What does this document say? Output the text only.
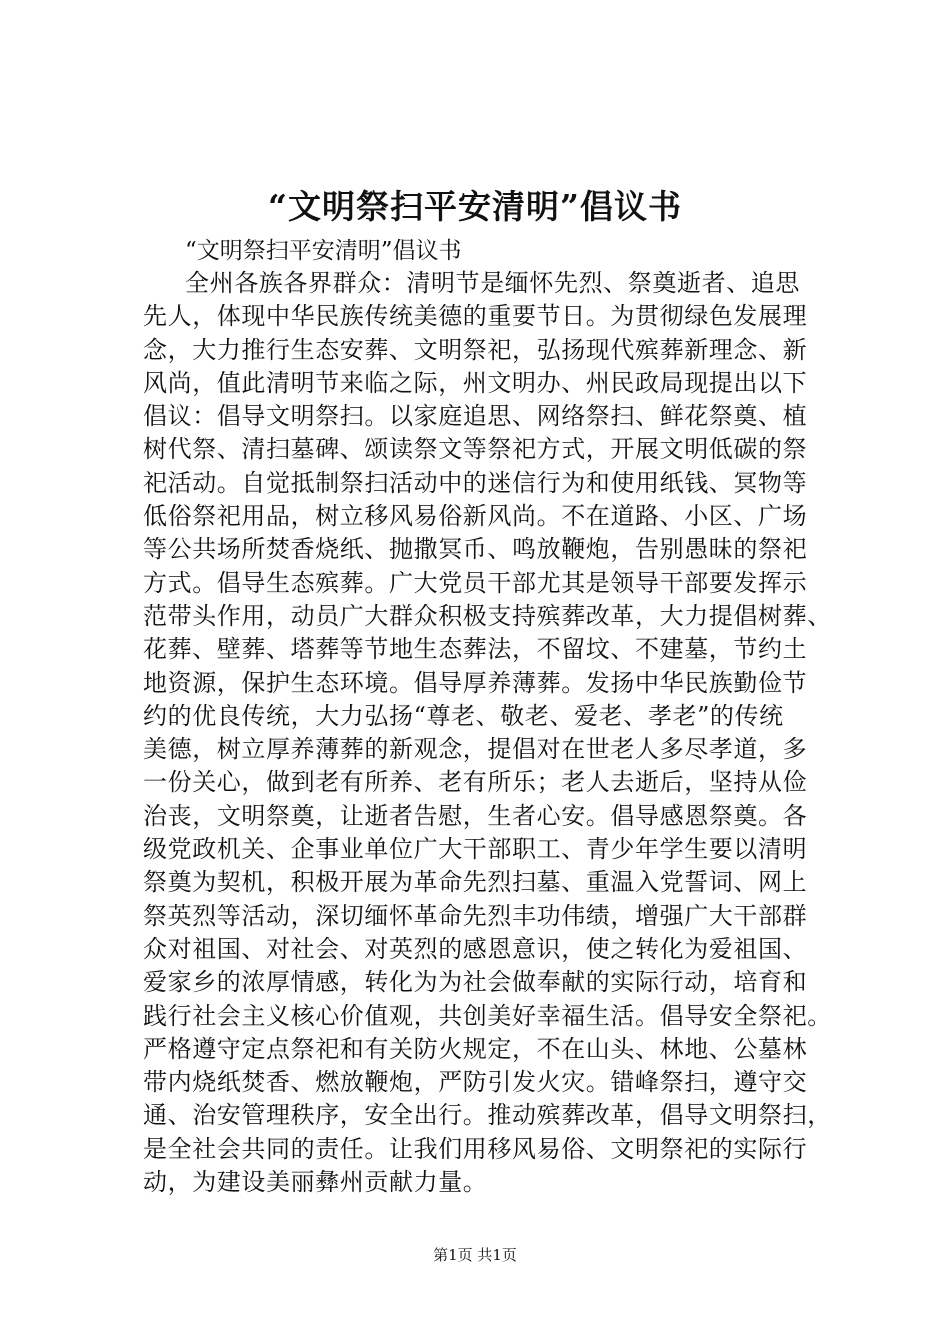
“文明祭扫平安清明”倡议书

“文明祭扫平安清明”倡议书

全州各族各界群众：清明节是缅怀先烈、祭奠逝者、追思
先人，体现中华民族传统美德的重要节日。为贯彻绿色发展理
念，大力推行生态安葬、文明祭祀，弘扬现代殡葬新理念、新
风尚，值此清明节来临之际，州文明办、州民政局现提出以下
倡议：倡导文明祭扫。以家庭追思、网络祭扫、鲜花祭奠、植
树代祭、清扫墓碑、颂读祭文等祭祀方式，开展文明低碳的祭
祀活动。自觉抵制祭扫活动中的迷信行为和使用纸钱、冥物等
低俗祭祀用品，树立移风易俗新风尚。不在道路、小区、广场
等公共场所焚香烧纸、抛撒冥币、鸣放鞭炮，告别愚昧的祭祀
方式。倡导生态殡葬。广大党员干部尤其是领导干部要发挥示
范带头作用，动员广大群众积极支持殡葬改革，大力提倡树葬、
花葬、壁葬、塔葬等节地生态葬法，不留坟、不建墓，节约土
地资源，保护生态环境。倡导厚养薄葬。发扬中华民族勤俭节
约的优良传统，大力弘扬“尊老、敬老、爱老、孝老”的传统
美德，树立厚养薄葬的新观念，提倡对在世老人多尽孝道，多
一份关心，做到老有所养、老有所乐；老人去逝后，坚持从俭
治丧，文明祭奠，让逝者告慰，生者心安。倡导感恩祭奠。各
级党政机关、企事业单位广大干部职工、青少年学生要以清明
祭奠为契机，积极开展为革命先烈扫墓、重温入党誓词、网上
祭英烈等活动，深切缅怀革命先烈丰功伟绩，增强广大干部群
众对祖国、对社会、对英烈的感恩意识，使之转化为爱祖国、
爱家乡的浓厚情感，转化为为社会做奉献的实际行动，培育和
践行社会主义核心价值观，共创美好幸福生活。倡导安全祭祀。
严格遵守定点祭祀和有关防火规定，不在山头、林地、公墓林
带内烧纸焚香、燃放鞭炮，严防引发火灾。错峰祭扫，遵守交
通、治安管理秩序，安全出行。推动殡葬改革，倡导文明祭扫，
是全社会共同的责任。让我们用移风易俗、文明祭祀的实际行
动，为建设美丽彝州贡献力量。

第1页 共1页
